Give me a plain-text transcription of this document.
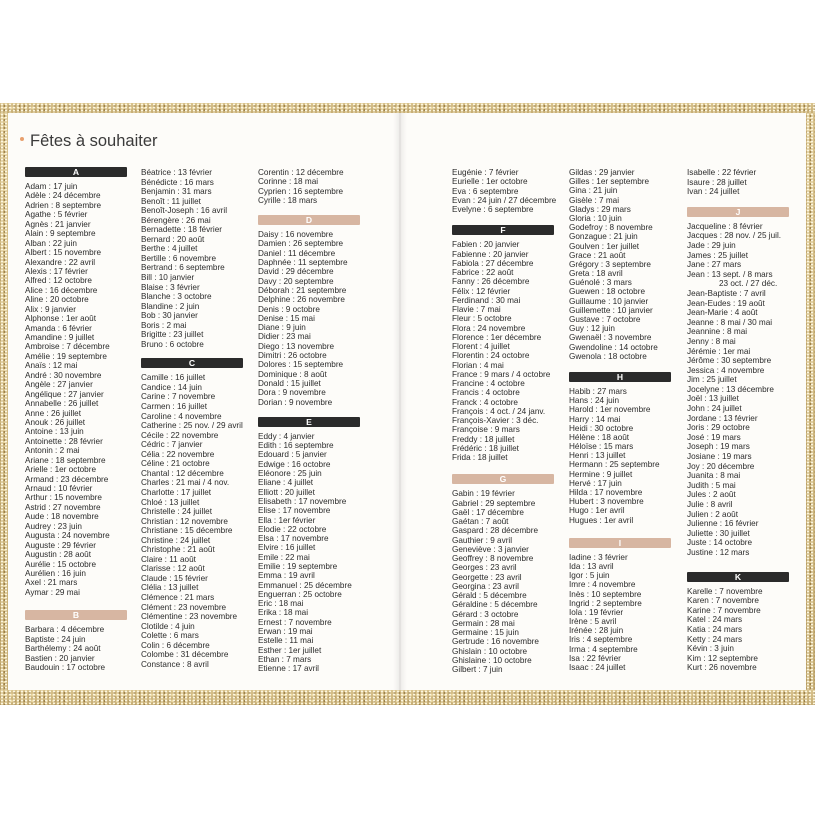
Fêtes à souhaiter
A
Adam : 17 juin
Adèle : 24 décembre
Adrien : 8 septembre
Agathe : 5 février
Agnès : 21 janvier
Alain : 9 septembre
Alban : 22 juin
Albert : 15 novembre
Alexandre : 22 avril
Alexis : 17 février
Alfred : 12 octobre
Alice : 16 décembre
Aline : 20 octobre
Alix : 9 janvier
Alphonse : 1er août
Amanda : 6 février
Amandine : 9 juillet
Ambroise : 7 décembre
Amélie : 19 septembre
Anaïs : 12 mai
André : 30 novembre
Angèle : 27 janvier
Angélique : 27 janvier
Annabelle : 26 juillet
Anne : 26 juillet
Anouk : 26 juillet
Antoine : 13 juin
Antoinette : 28 février
Antonin : 2 mai
Ariane : 18 septembre
Arielle : 1er octobre
Armand : 23 décembre
Arnaud : 10 février
Arthur : 15 novembre
Astrid : 27 novembre
Aude : 18 novembre
Audrey : 23 juin
Augusta : 24 novembre
Auguste : 29 février
Augustin : 28 août
Aurélie : 15 octobre
Aurélien : 16 juin
Axel : 21 mars
Aymar : 29 mai
B
Barbara : 4 décembre
Baptiste : 24 juin
Barthélemy : 24 août
Bastien : 20 janvier
Baudouin : 17 octobre
Béatrice : 13 février
Bénédicte : 16 mars
Benjamin : 31 mars
Benoît : 11 juillet
Benoît-Joseph : 16 avril
Bérengère : 26 mai
Bernadette : 18 février
Bernard : 20 août
Berthe : 4 juillet
Bertille : 6 novembre
Bertrand : 6 septembre
Bill : 10 janvier
Blaise : 3 février
Blanche : 3 octobre
Blandine : 2 juin
Bob : 30 janvier
Boris : 2 mai
Brigitte : 23 juillet
Bruno : 6 octobre
C
Camille : 16 juillet
Candice : 14 juin
Carine : 7 novembre
Carmen : 16 juillet
Caroline : 4 novembre
Catherine : 25 nov. / 29 avril
Cécile : 22 novembre
Cédric : 7 janvier
Célia : 22 novembre
Céline : 21 octobre
Chantal : 12 décembre
Charles : 21 mai / 4 nov.
Charlotte : 17 juillet
Chloé : 13 juillet
Christelle : 24 juillet
Christian : 12 novembre
Christiane : 15 décembre
Christine : 24 juillet
Christophe : 21 août
Claire : 11 août
Clarisse : 12 août
Claude : 15 février
Clélia : 13 juillet
Clémence : 21 mars
Clément : 23 novembre
Clémentine : 23 novembre
Clotilde : 4 juin
Colette : 6 mars
Colin : 6 décembre
Colombe : 31 décembre
Constance : 8 avril
Corentin : 12 décembre
Corinne : 18 mai
Cyprien : 16 septembre
Cyrille : 18 mars
D
Daisy : 16 novembre
Damien : 26 septembre
Daniel : 11 décembre
Daphnée : 11 septembre
David : 29 décembre
Davy : 20 septembre
Déborah : 21 septembre
Delphine : 26 novembre
Denis : 9 octobre
Denise : 15 mai
Diane : 9 juin
Didier : 23 mai
Diego : 13 novembre
Dimitri : 26 octobre
Dolores : 15 septembre
Dominique : 8 août
Donald : 15 juillet
Dora : 9 novembre
Dorian : 9 novembre
E
Eddy : 4 janvier
Edith : 16 septembre
Edouard : 5 janvier
Edwige : 16 octobre
Eléonore : 25 juin
Eliane : 4 juillet
Elliott : 20 juillet
Elisabeth : 17 novembre
Elise : 17 novembre
Ella : 1er février
Elodie : 22 octobre
Elsa : 17 novembre
Elvire : 16 juillet
Emile : 22 mai
Emilie : 19 septembre
Emma : 19 avril
Emmanuel : 25 décembre
Enguerran : 25 octobre
Eric : 18 mai
Erika : 18 mai
Ernest : 7 novembre
Erwan : 19 mai
Estelle : 11 mai
Esther : 1er juillet
Ethan : 7 mars
Etienne : 17 avril
Eugénie : 7 février
Eurielle : 1er octobre
Eva : 6 septembre
Evan : 24 juin / 27 décembre
Evelyne : 6 septembre
F
Fabien : 20 janvier
Fabienne : 20 janvier
Fabiola : 27 décembre
Fabrice : 22 août
Fanny : 26 décembre
Félix : 12 février
Ferdinand : 30 mai
Flavie : 7 mai
Fleur : 5 octobre
Flora : 24 novembre
Florence : 1er décembre
Florent : 4 juillet
Florentin : 24 octobre
Florian : 4 mai
France : 9 mars / 4 octobre
Francine : 4 octobre
Francis : 4 octobre
Franck : 4 octobre
François : 4 oct. / 24 janv.
François-Xavier : 3 déc.
Françoise : 9 mars
Freddy : 18 juillet
Frédéric : 18 juillet
Frida : 18 juillet
G
Gabin : 19 février
Gabriel : 29 septembre
Gaël : 17 décembre
Gaétan : 7 août
Gaspard : 28 décembre
Gauthier : 9 avril
Geneviève : 3 janvier
Geoffrey : 8 novembre
Georges : 23 avril
Georgette : 23 avril
Georgina : 23 avril
Gérald : 5 décembre
Géraldine : 5 décembre
Gérard : 3 octobre
Germain : 28 mai
Germaine : 15 juin
Gertrude : 16 novembre
Ghislain : 10 octobre
Ghislaine : 10 octobre
Gilbert : 7 juin
Gildas : 29 janvier
Gilles : 1er septembre
Gina : 21 juin
Gisèle : 7 mai
Gladys : 29 mars
Gloria : 10 juin
Godefroy : 8 novembre
Gonzague : 21 juin
Goulven : 1er juillet
Grace : 21 août
Grégory : 3 septembre
Greta : 18 avril
Guénolé : 3 mars
Guewen : 18 octobre
Guillaume : 10 janvier
Guillemette : 10 janvier
Gustave : 7 octobre
Guy : 12 juin
Gwenaël : 3 novembre
Gwendoline : 14 octobre
Gwenola : 18 octobre
H
Habib : 27 mars
Hans : 24 juin
Harold : 1er novembre
Harry : 14 mai
Heidi : 30 octobre
Hélène : 18 août
Héloïse : 15 mars
Henri : 13 juillet
Hermann : 25 septembre
Hermine : 9 juillet
Hervé : 17 juin
Hilda : 17 novembre
Hubert : 3 novembre
Hugo : 1er avril
Hugues : 1er avril
I
Iadine : 3 février
Ida : 13 avril
Igor : 5 juin
Imre : 4 novembre
Inès : 10 septembre
Ingrid : 2 septembre
Iola : 19 février
Irène : 5 avril
Irénée : 28 juin
Iris : 4 septembre
Irma : 4 septembre
Isa : 22 février
Isaac : 24 juillet
Isabelle : 22 février
Isaure : 28 juillet
Ivan : 24 juillet
J
Jacqueline : 8 février
Jacques : 28 nov. / 25 juil.
Jade : 29 juin
James : 25 juillet
Jane : 27 mars
Jean : 13 sept. / 8 mars
23 oct. / 27 déc.
Jean-Baptiste : 7 avril
Jean-Eudes : 19 août
Jean-Marie : 4 août
Jeanne : 8 mai / 30 mai
Jeannine : 8 mai
Jenny : 8 mai
Jérémie : 1er mai
Jérôme : 30 septembre
Jessica : 4 novembre
Jim : 25 juillet
Jocelyne : 13 décembre
Joël : 13 juillet
John : 24 juillet
Jordane : 13 février
Joris : 29 octobre
José : 19 mars
Joseph : 19 mars
Josiane : 19 mars
Joy : 20 décembre
Juanita : 8 mai
Judith : 5 mai
Jules : 2 août
Julie : 8 avril
Julien : 2 août
Julienne : 16 février
Juliette : 30 juillet
Juste : 14 octobre
Justine : 12 mars
K
Karelle : 7 novembre
Karen : 7 novembre
Karine : 7 novembre
Katel : 24 mars
Katia : 24 mars
Ketty : 24 mars
Kévin : 3 juin
Kim : 12 septembre
Kurt : 26 novembre
